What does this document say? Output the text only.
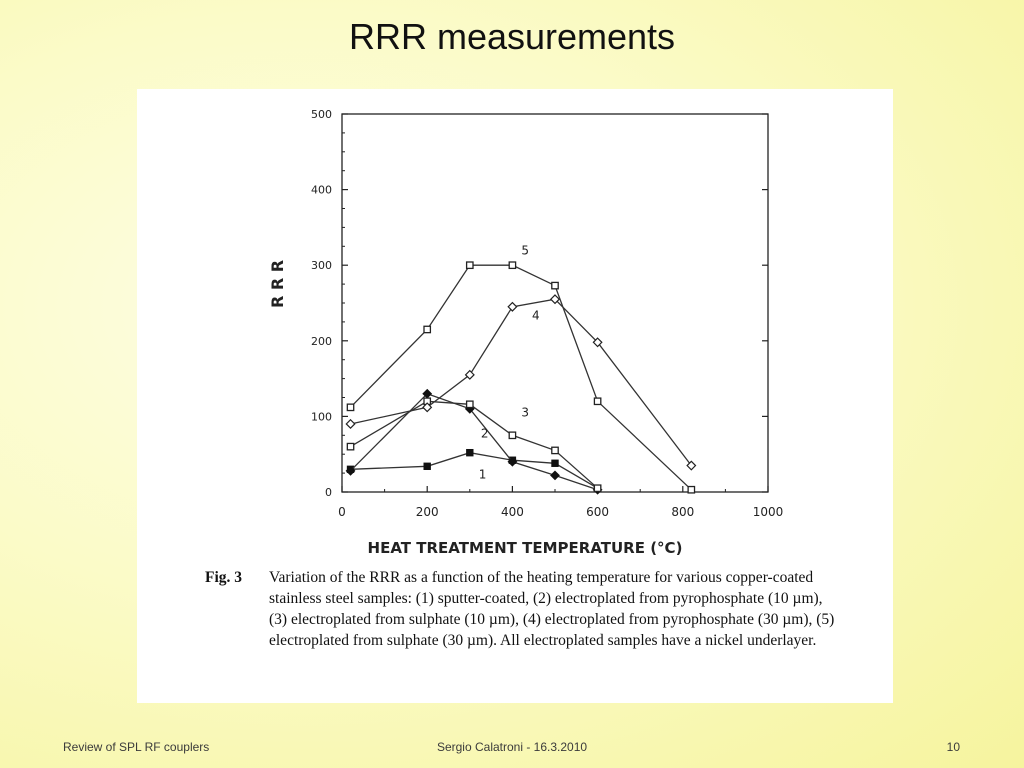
RRR measurements
0
100
200
300
400
500
0	200	400	600	800	1000
1
2
3
4
5
R R R
HEAT TREATMENT TEMPERATURE (°C)
Fig. 3 Variation of the RRR as a function of the heating temperature for various copper-coated stainless steel samples: (1) sputter-coated, (2) electroplated from pyrophosphate (10 µm), (3) electroplated from sulphate (10 µm), (4) electroplated from pyrophosphate (30 µm), (5) electroplated from sulphate (30 µm). All electroplated samples have a nickel underlayer.
Review of SPL RF couplers	Sergio Calatroni - 16.3.2010	10
